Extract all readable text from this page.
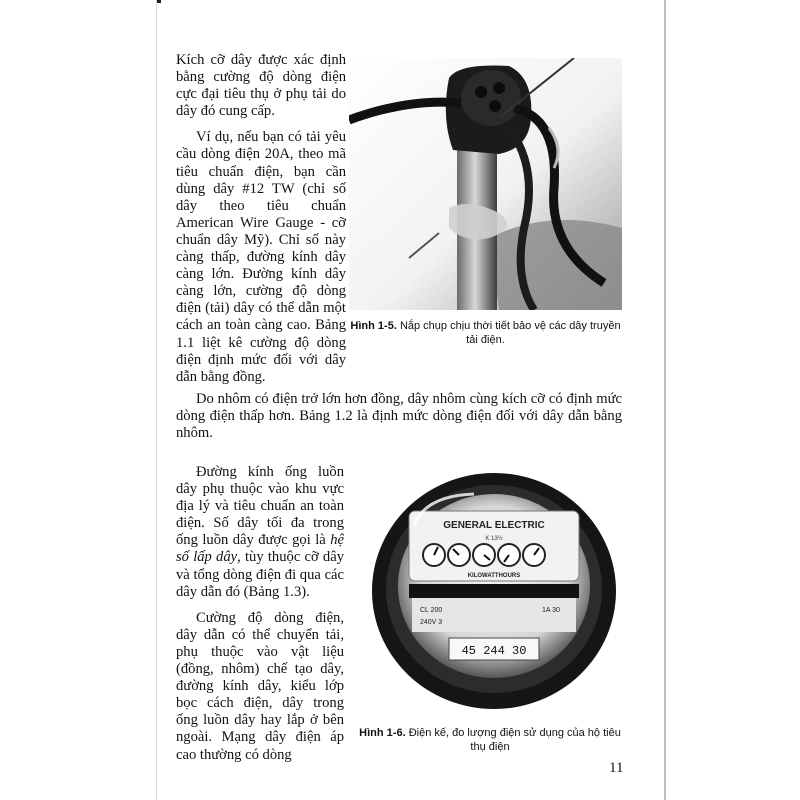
Kích cỡ dây được xác định bằng cường độ dòng điện cực đại tiêu thụ ở phụ tải do dây đó cung cấp.

Ví dụ, nếu bạn có tải yêu cầu dòng điện 20A, theo mã tiêu chuẩn điện, bạn cần dùng dây #12 TW (chỉ số dây theo tiêu chuẩn American Wire Gauge - cỡ chuẩn dây Mỹ). Chỉ số này càng thấp, đường kính dây càng lớn. Đường kính dây càng lớn, cường độ dòng điện (tải) dây có thể dẫn một cách an toàn càng cao. Bảng 1.1 liệt kê cường độ dòng điện định mức đối với dây dẫn bằng đồng.

Hình 1-5. Nắp chụp chịu thời tiết bảo vệ các dây truyền tải điện.

Do nhôm có điện trở lớn hơn đồng, dây nhôm cùng kích cỡ có định mức dòng điện thấp hơn. Bảng 1.2 là định mức dòng điện đối với dây dẫn bằng nhôm.

Đường kính ống luồn dây phụ thuộc vào khu vực địa lý và tiêu chuẩn an toàn điện. Số dây tối đa trong ống luồn dây được gọi là hệ số lấp dây, tùy thuộc cỡ dây và tổng dòng điện đi qua các dây dẫn đó (Bảng 1.3).

Cường độ dòng điện, dây dẫn có thể chuyển tải, phụ thuộc vào vật liệu (đồng, nhôm) chế tạo dây, đường kính dây, kiểu lớp bọc cách điện, dây trong ống luồn dây hay lắp ở bên ngoài. Mạng dây điện áp cao thường có dòng

GENERAL ELECTRIC
K 13½
KILOWATTHOURS
CL 200
240V 3
1A 30
45 244 30
Hình 1-6. Điện kế, đo lượng điện sử dụng của hộ tiêu thụ điện
11
